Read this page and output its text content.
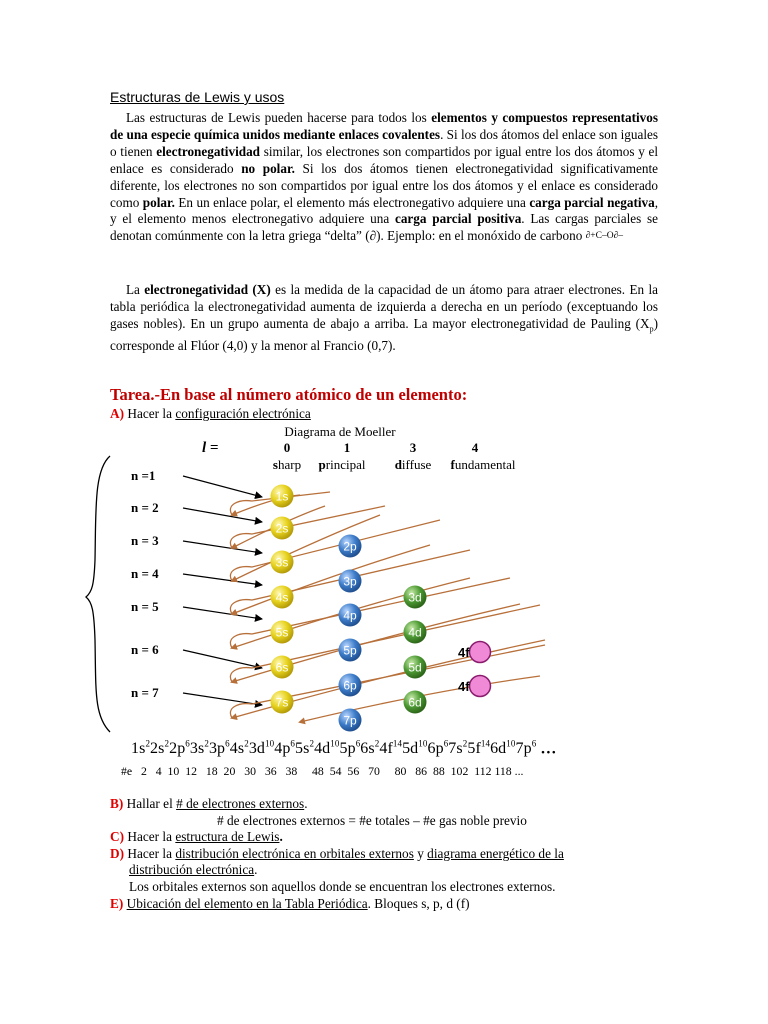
Estructuras de Lewis y usos

Las estructuras de Lewis pueden hacerse para todos los elementos y compuestos representativos de una especie química unidos mediante enlaces covalentes. Si los dos átomos del enlace son iguales o tienen electronegatividad similar, los electrones son compartidos por igual entre los dos átomos y el enlace es considerado no polar. Si los dos átomos tienen electronegatividad significativamente diferente, los electrones no son compartidos por igual entre los dos átomos y el enlace es considerado como polar. En un enlace polar, el elemento más electronegativo adquiere una carga parcial negativa, y el elemento menos electronegativo adquiere una carga parcial positiva. Las cargas parciales se denotan comúnmente con la letra griega “delta” (∂). Ejemplo: en el monóxido de carbono ∂+C–O∂–

La electronegatividad (X) es la medida de la capacidad de un átomo para atraer electrones. En la tabla periódica la electronegatividad aumenta de izquierda a derecha en un período (exceptuando los gases nobles). En un grupo aumenta de abajo a arriba. La mayor electronegatividad de Pauling $(X_p)$ corresponde al Flúor (4,0) y la menor al Francio (0,7).

Tarea.-En base al número atómico de un elemento:
A) Hacer la configuración electrónica
Diagrama de Moeller
l =	0	1	3	4
sharp principal diffuse fundamental
n =1
n = 2
n = 3
n = 4
n = 5
n = 6
n = 7
1s
2s
2p
3s
3p
3d
4s
4p
4d
5s
5p
5d
4f
6s
6p
6d
4f
7s
7p
$1s^22s^22p^63s^23p^64s^23d^{10}4p^65s^24d^{10}5p^66s^24f^{14}5d^{10}6p^67s^25f^{14}6d^{10}7p^6$ …
#e   2   4  10  12   18  20   30   36   38     48  54  56   70     80   86  88  102  112 118 ...
B) Hallar el # de electrones externos.
# de electrones externos = #e totales – #e gas noble previo
C) Hacer la estructura de Lewis.
D) Hacer la distribución electrónica en orbitales externos y diagrama energético de la
distribución electrónica.
Los orbitales externos son aquellos donde se encuentran los electrones externos.
E) Ubicación del elemento en la Tabla Periódica. Bloques s, p, d (f)
